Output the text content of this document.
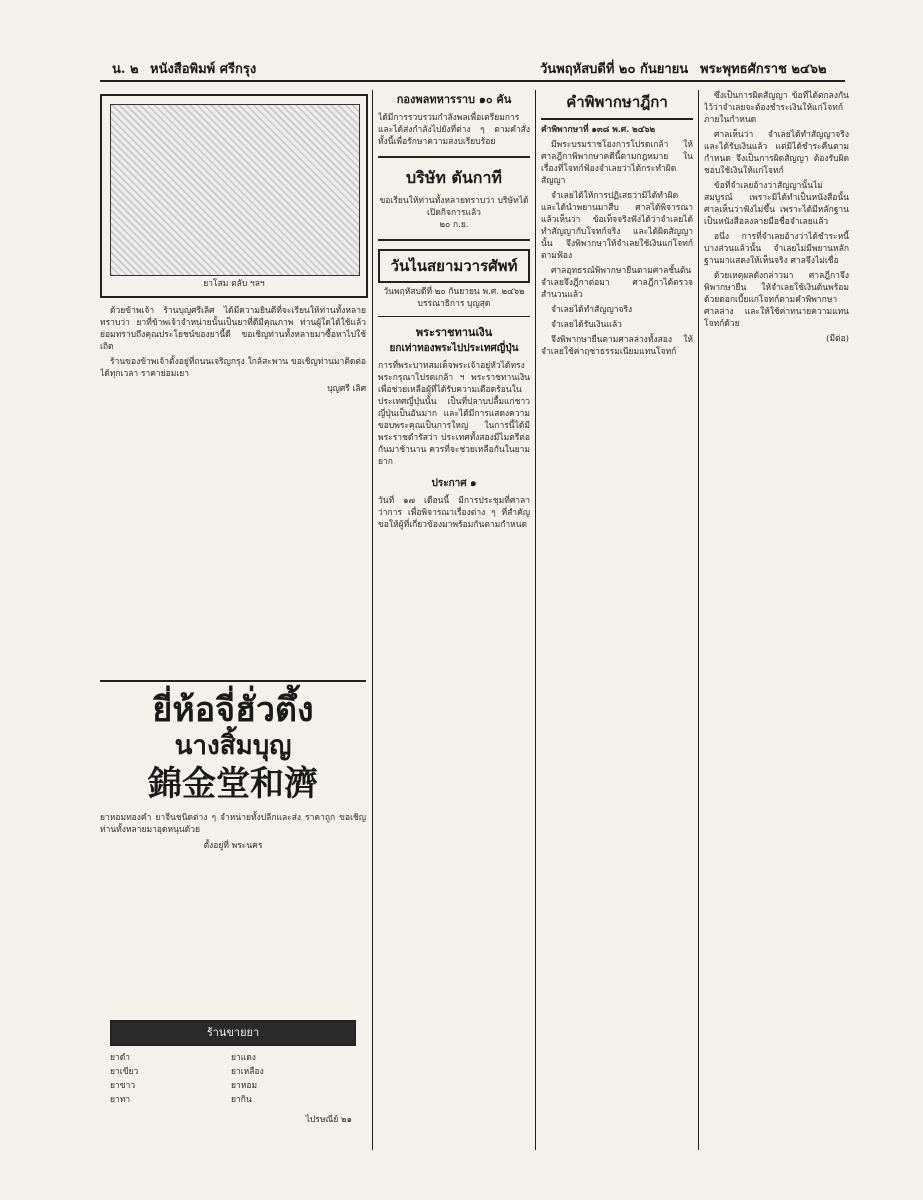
น. ๒ หนังสือพิมพ์ ศรีกรุง	วันพฤหัสบดีที่ ๒๐ กันยายน พระพุทธศักราช ๒๔๖๒
ยาโสม ตลับ ฯลฯ

ด้วยข้าพเจ้า ร้านบุญศรีเลิศ ได้มีความยินดีที่จะเรียนให้ท่านทั้งหลายทราบว่า ยาที่ข้าพเจ้าจำหน่ายนั้นเป็นยาที่ดีมีคุณภาพ ท่านผู้ใดได้ใช้แล้วย่อมทราบถึงคุณประโยชน์ของยานี้ดี ขอเชิญท่านทั้งหลายมาซื้อหาไปใช้เถิด

ร้านของข้าพเจ้าตั้งอยู่ที่ถนนเจริญกรุง ใกล้สะพาน ขอเชิญท่านมาติดต่อได้ทุกเวลา ราคาย่อมเยา

บุญศรี เลิศ

ยี่ห้อจี่ฮั่วตึ้ง
นางสิ้มบุญ
錦金堂和濟
ยาหอมทองคำ ยาจีนชนิดต่าง ๆ จำหน่ายทั้งปลีกและส่ง ราคาถูก ขอเชิญท่านทั้งหลายมาอุดหนุนด้วย
ตั้งอยู่ที่ พระนคร
ร้านขายยา
ยาดำ	ยาแดง
ยาเขียว	ยาเหลือง
ยาขาว	ยาหอม
ยาทา	ยากิน
ไปรษณีย์ ๒๑
กองพลทหารราบ ๑๐ คัน
ได้มีการรวบรวมกำลังพลเพื่อเตรียมการ และได้ส่งกำลังไปยังที่ต่าง ๆ ตามคำสั่ง ทั้งนี้เพื่อรักษาความสงบเรียบร้อย
บริษัท ตันกาที
ขอเรียนให้ท่านทั้งหลายทราบว่า บริษัทได้เปิดกิจการแล้ว
๒๐ ก.ย.
วันไนสยามวารศัพท์
วันพฤหัสบดีที่ ๒๐ กันยายน พ.ศ. ๒๔๖๒
บรรณาธิการ บุญสุด
พระราชทานเงิน
ยกเท่าทองพระไปประเทศญี่ปุ่น
การที่พระบาทสมเด็จพระเจ้าอยู่หัวได้ทรงพระกรุณาโปรดเกล้า ฯ พระราชทานเงินเพื่อช่วยเหลือผู้ที่ได้รับความเดือดร้อนในประเทศญี่ปุ่นนั้น เป็นที่ปลาบปลื้มแก่ชาวญี่ปุ่นเป็นอันมาก และได้มีการแสดงความขอบพระคุณเป็นการใหญ่ ในการนี้ได้มีพระราชดำรัสว่า ประเทศทั้งสองมีไมตรีต่อกันมาช้านาน ควรที่จะช่วยเหลือกันในยามยาก
ประกาศ ๑
วันที่ ๑๗ เดือนนี้ มีการประชุมที่ศาลาว่าการ เพื่อพิจารณาเรื่องต่าง ๆ ที่สำคัญ ขอให้ผู้ที่เกี่ยวข้องมาพร้อมกันตามกำหนด
คำพิพากษาฎีกา
คำพิพากษาที่ ๑๓๘ พ.ศ. ๒๔๖๒

มีพระบรมราชโองการโปรดเกล้า ให้ศาลฎีกาพิพากษาคดีนี้ตามกฎหมาย ในเรื่องที่โจทก์ฟ้องจำเลยว่าได้กระทำผิดสัญญา

จำเลยได้ให้การปฏิเสธว่ามิได้ทำผิด และได้นำพยานมาสืบ ศาลได้พิจารณาแล้วเห็นว่า ข้อเท็จจริงฟังได้ว่าจำเลยได้ทำสัญญากับโจทก์จริง และได้ผิดสัญญานั้น จึงพิพากษาให้จำเลยใช้เงินแก่โจทก์ตามฟ้อง

ศาลอุทธรณ์พิพากษายืนตามศาลชั้นต้น จำเลยจึงฎีกาต่อมา ศาลฎีกาได้ตรวจสำนวนแล้ว

จำเลยได้ทำสัญญาจริง

จำเลยได้รับเงินแล้ว

จึงพิพากษายืนตามศาลล่างทั้งสอง ให้จำเลยใช้ค่าฤชาธรรมเนียมแทนโจทก์

ซึ่งเป็นการผิดสัญญา ข้อที่ได้ตกลงกันไว้ว่าจำเลยจะต้องชำระเงินให้แก่โจทก์ภายในกำหนด

ศาลเห็นว่า จำเลยได้ทำสัญญาจริง และได้รับเงินแล้ว แต่มิได้ชำระคืนตามกำหนด จึงเป็นการผิดสัญญา ต้องรับผิดชอบใช้เงินให้แก่โจทก์

ข้อที่จำเลยอ้างว่าสัญญานั้นไม่สมบูรณ์ เพราะมิได้ทำเป็นหนังสือนั้น ศาลเห็นว่าฟังไม่ขึ้น เพราะได้มีหลักฐานเป็นหนังสือลงลายมือชื่อจำเลยแล้ว

อนึ่ง การที่จำเลยอ้างว่าได้ชำระหนี้บางส่วนแล้วนั้น จำเลยไม่มีพยานหลักฐานมาแสดงให้เห็นจริง ศาลจึงไม่เชื่อ

ด้วยเหตุผลดังกล่าวมา ศาลฎีกาจึงพิพากษายืน ให้จำเลยใช้เงินต้นพร้อมด้วยดอกเบี้ยแก่โจทก์ตามคำพิพากษาศาลล่าง และให้ใช้ค่าทนายความแทนโจทก์ด้วย

(มีต่อ)
